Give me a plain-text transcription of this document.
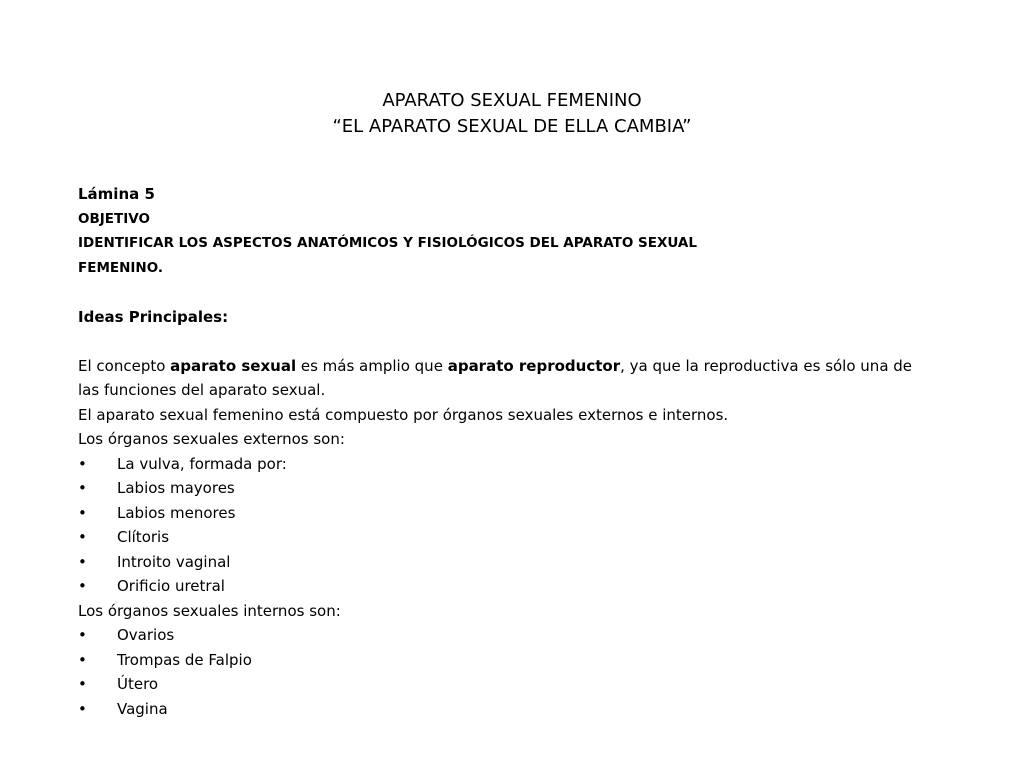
APARATO SEXUAL FEMENINO
“EL APARATO SEXUAL DE ELLA CAMBIA”
Lámina 5
OBJETIVO
IDENTIFICAR LOS ASPECTOS ANATÓMICOS Y FISIOLÓGICOS DEL APARATO SEXUAL
FEMENINO.
Ideas Principales:
El concepto aparato sexual es más amplio que aparato reproductor, ya que la reproductiva es sólo una de
las funciones del aparato sexual.
El aparato sexual femenino está compuesto por órganos sexuales externos e internos.
Los órganos sexuales externos son:
•	La vulva, formada por:
•	Labios mayores
•	Labios menores
•	Clítoris
•	Introito vaginal
•	Orificio uretral
Los órganos sexuales internos son:
•	Ovarios
•	Trompas de Falpio
•	Útero
•	Vagina
